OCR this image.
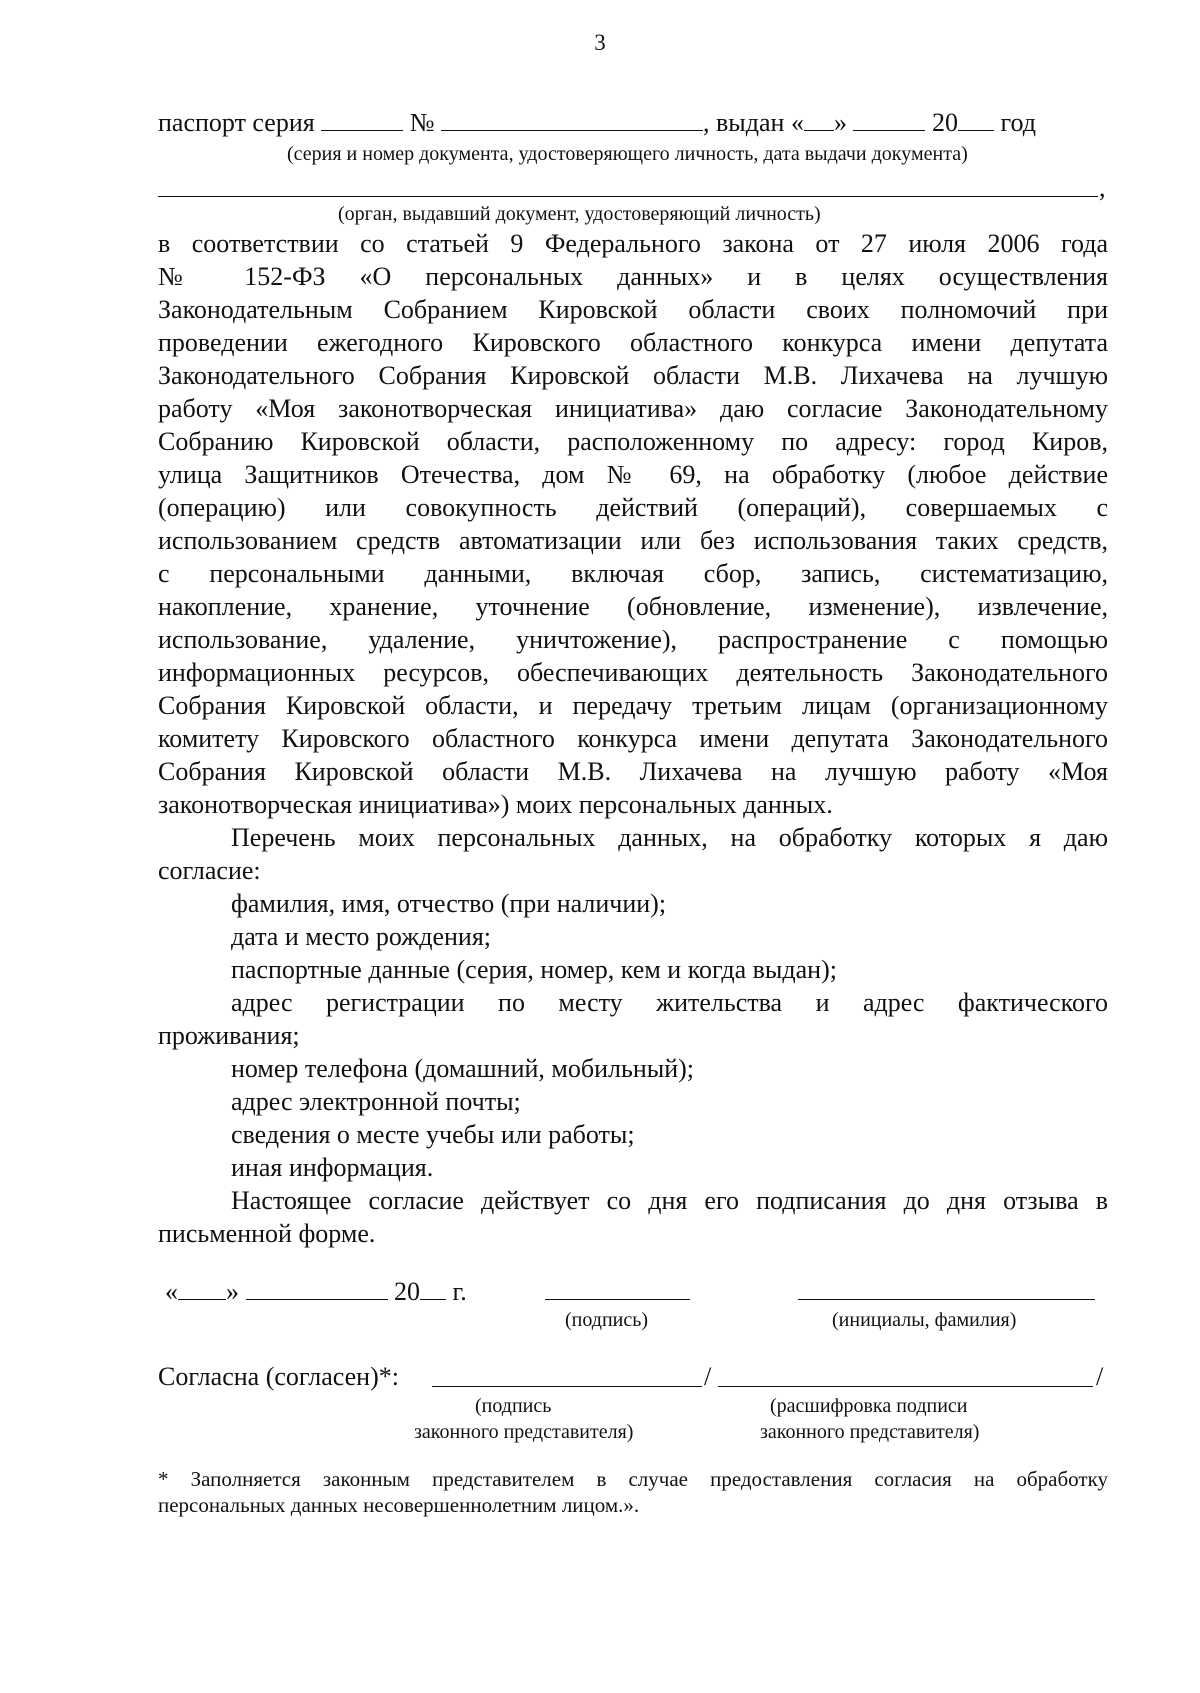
3
паспорт серия	№	, выдан « »	20 год
(серия и номер документа, удостоверяющего личность, дата выдачи документа)
,
(орган, выдавший документ, удостоверяющий личность)
в соответствии со статьей 9 Федерального закона от 27 июля 2006 года
№ 152-ФЗ «О персональных данных» и в целях осуществления
Законодательным Собранием Кировской области своих полномочий при
проведении ежегодного Кировского областного конкурса имени депутата
Законодательного Собрания Кировской области М.В. Лихачева на лучшую
работу «Моя законотворческая инициатива» даю согласие Законодательному
Собранию Кировской области, расположенному по адресу: город Киров,
улица Защитников Отечества, дом № 69, на обработку (любое действие
(операцию) или совокупность действий (операций), совершаемых с
использованием средств автоматизации или без использования таких средств,
с персональными данными, включая сбор, запись, систематизацию,
накопление, хранение, уточнение (обновление, изменение), извлечение,
использование, удаление, уничтожение), распространение с помощью
информационных ресурсов, обеспечивающих деятельность Законодательного
Собрания Кировской области, и передачу третьим лицам (организационному
комитету Кировского областного конкурса имени депутата Законодательного
Собрания Кировской области М.В. Лихачева на лучшую работу «Моя
законотворческая инициатива») моих персональных данных.
Перечень моих персональных данных, на обработку которых я даю
согласие:
фамилия, имя, отчество (при наличии);
дата и место рождения;
паспортные данные (серия, номер, кем и когда выдан);
адрес регистрации по месту жительства и адрес фактического
проживания;
номер телефона (домашний, мобильный);
адрес электронной почты;
сведения о месте учебы или работы;
иная информация.
Настоящее согласие действует со дня его подписания до дня отзыва в
письменной форме.
« »	20 г.
(подпись)	(инициалы, фамилия)
Согласна (согласен)*:	/	/
(подпись
законного представителя)
(расшифровка подписи
законного представителя)
* Заполняется законным представителем в случае предоставления согласия на обработку
персональных данных несовершеннолетним лицом.».
